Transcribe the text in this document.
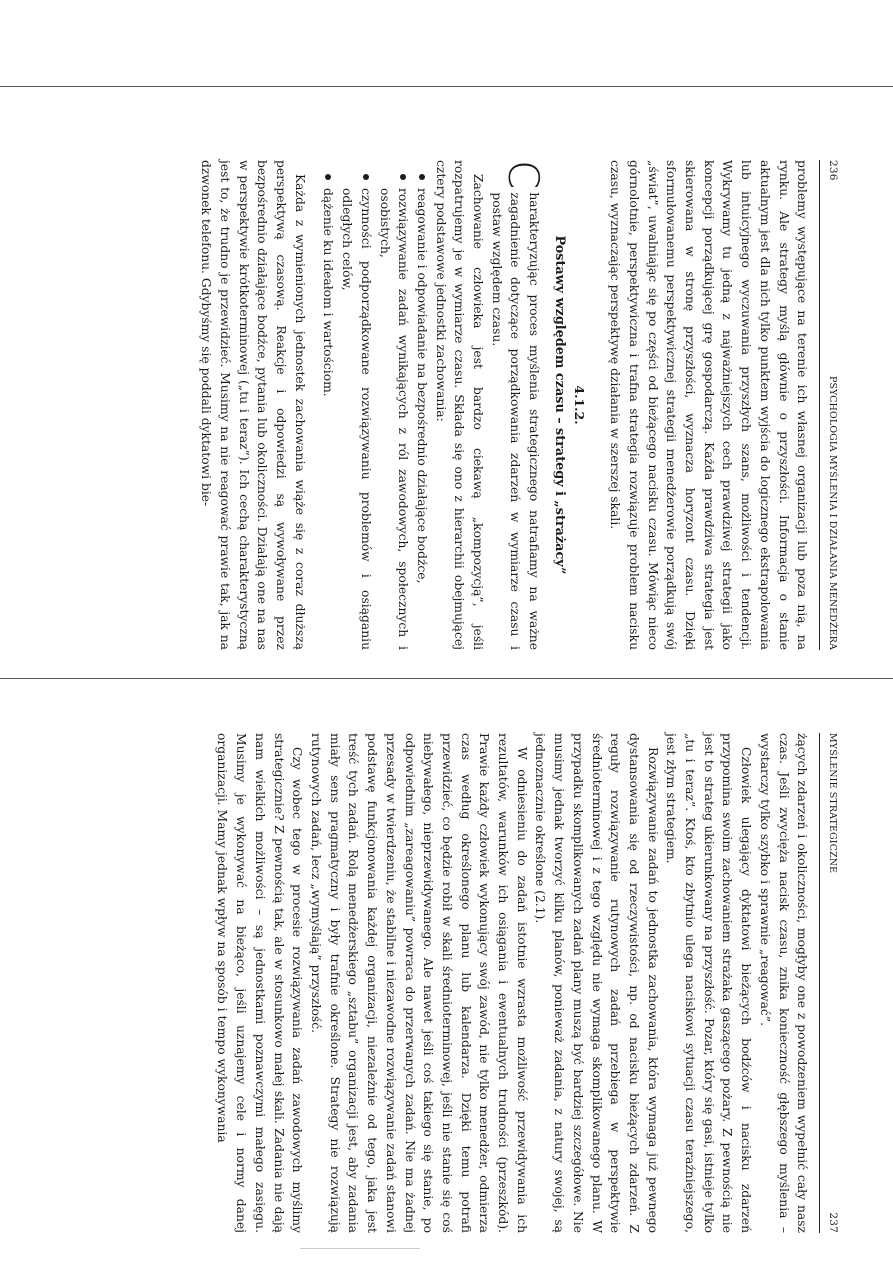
236
PSYCHOLOGIA MYŚLENIA I DZIAŁANIA MENEDŻERA

problemy występujące na terenie ich własnej organizacji lub poza nią, na rynku. Ale strategy myślą głównie o przyszłości. Informacja o stanie aktualnym jest dla nich tylko punktem wyjścia do logicznego ekstrapolowania lub intuicyjnego wyczuwania przyszłych szans, możliwości i tendencji. Wykrywamy tu jedną z najważniejszych cech prawdziwej strategii jako koncepcji porządkującej grę gospodarczą. Każda prawdziwa strategia jest skierowana w stronę przyszłości, wyznacza horyzont czasu. Dzięki sformułowanemu perspektywicznej strategii menedżerowie porządkują swój „świat”, uwalniając się po części od bieżącego nacisku czasu. Mówiąc nieco górnolotnie, perspektywiczna i trafna strategia rozwiązuje problem nacisku czasu, wyznaczając perspektywę działania w szerszej skali.

4.1.2.
Postawy względem czasu – strategy i „strażacy”

C
harakteryzując proces myślenia strategicznego natrafiamy na ważne zagadnienie dotyczące porządkowania zdarzeń w wymiarze czasu i postaw względem czasu.

Zachowanie człowieka jest bardzo ciekawą „kompozycją”, jeśli rozpatrujemy je w wymiarze czasu. Składa się ono z hierarchii obejmującej cztery podstawowe jednostki zachowania:

reagowanie i odpowiadanie na bezpośrednio działające bodźce,
rozwiązywanie zadań wynikających z ról zawodowych, społecznych i osobistych,
czynności podporządkowane rozwiązywaniu problemów i osiąganiu odległych celów,
dążenie ku ideałom i wartościom.

Każda z wymienionych jednostek zachowania wiąże się z coraz dłuższą perspektywą czasową. Reakcje i odpowiedzi są wywoływane przez bezpośrednio działające bodźce, pytania lub okoliczności. Działają one na nas w perspektywie krótkoterminowej („tu i teraz”). Ich cechą charakterystyczną jest to, że trudno je przewidzieć. Musimy na nie reagować prawie tak, jak na dzwonek telefonu. Gdybyśmy się poddali dyktatowi bie-

MYŚLENIE STRATEGICZNE
237

żących zdarzeń i okoliczności, mogłyby one z powodzeniem wypełnić cały nasz czas. Jeśli zwycięża nacisk czasu, znika konieczność głębszego myślenia – wystarczy tylko szybko i sprawnie „reagować”.

Człowiek ulegający dyktatowi bieżących bodźców i nacisku zdarzeń przypomina swoim zachowaniem strażaka gaszącego pożary. Z pewnością nie jest to strateg ukierunkowany na przyszłość. Pozar, który się gasi, istnieje tylko „tu i teraz”. Ktoś, kto zbytnio ulega naciskowi sytuacji czasu teraźniejszego, jest złym strategiem.

Rozwiązywanie zadań to jednostka zachowania, która wymaga już pewnego dystansowania się od rzeczywistości, np. od nacisku bieżących zdarzeń. Z reguły rozwiązywanie rutynowych zadań przebiega w perspektywie średnioterminowej i z tego względu nie wymaga skomplikowanego planu. W przypadku skomplikowanych zadań plany muszą być bardziej szczegółowe. Nie musimy jednak tworzyć kilku planów, ponieważ zadania, z natury swojej, są jednoznacznie określone (2.1).

W odniesieniu do zadań istotnie wzrasta możliwość przewidywania ich rezultatów, warunków ich osiągania i ewentualnych trudności (przeszkód). Prawie każdy człowiek wykonujący swój zawód, nie tylko menedżer, odmierza czas według określonego planu lub kalendarza. Dzięki temu potrafi przewidzieć, co będzie robił w skali średnioterminowej, jeśli nie stanie się coś niebywałego, nieprzewidywanego. Ale nawet jeśli coś takiego się stanie, po odpowiednim „zareagowaniu” powraca do przerwanych zadań. Nie ma żadnej przesady w twierdzeniu, że stabilne i niezawodne rozwiązywanie zadań stanowi podstawę funkcjonowania każdej organizacji, niezależnie od tego, jaka jest treść tych zadań. Rolą menedżerskiego „sztabu” organizacji jest, aby zadania miały sens pragmatyczny i były trafnie określone. Strategy nie rozwiązują rutynowych zadań, lecz „wymyślają” przyszłość.

Czy wobec tego w procesie rozwiązywania zadań zawodowych myślimy strategicznie? Z pewnością tak, ale w stosunkowo małej skali. Zadania nie dają nam wielkich możliwości – są jednostkami poznawczymi małego zasięgu. Musimy je wykonywać na bieżąco, jeśli uznajemy cele i normy danej organizacji. Mamy jednak wpływ na sposób i tempo wykonywania
